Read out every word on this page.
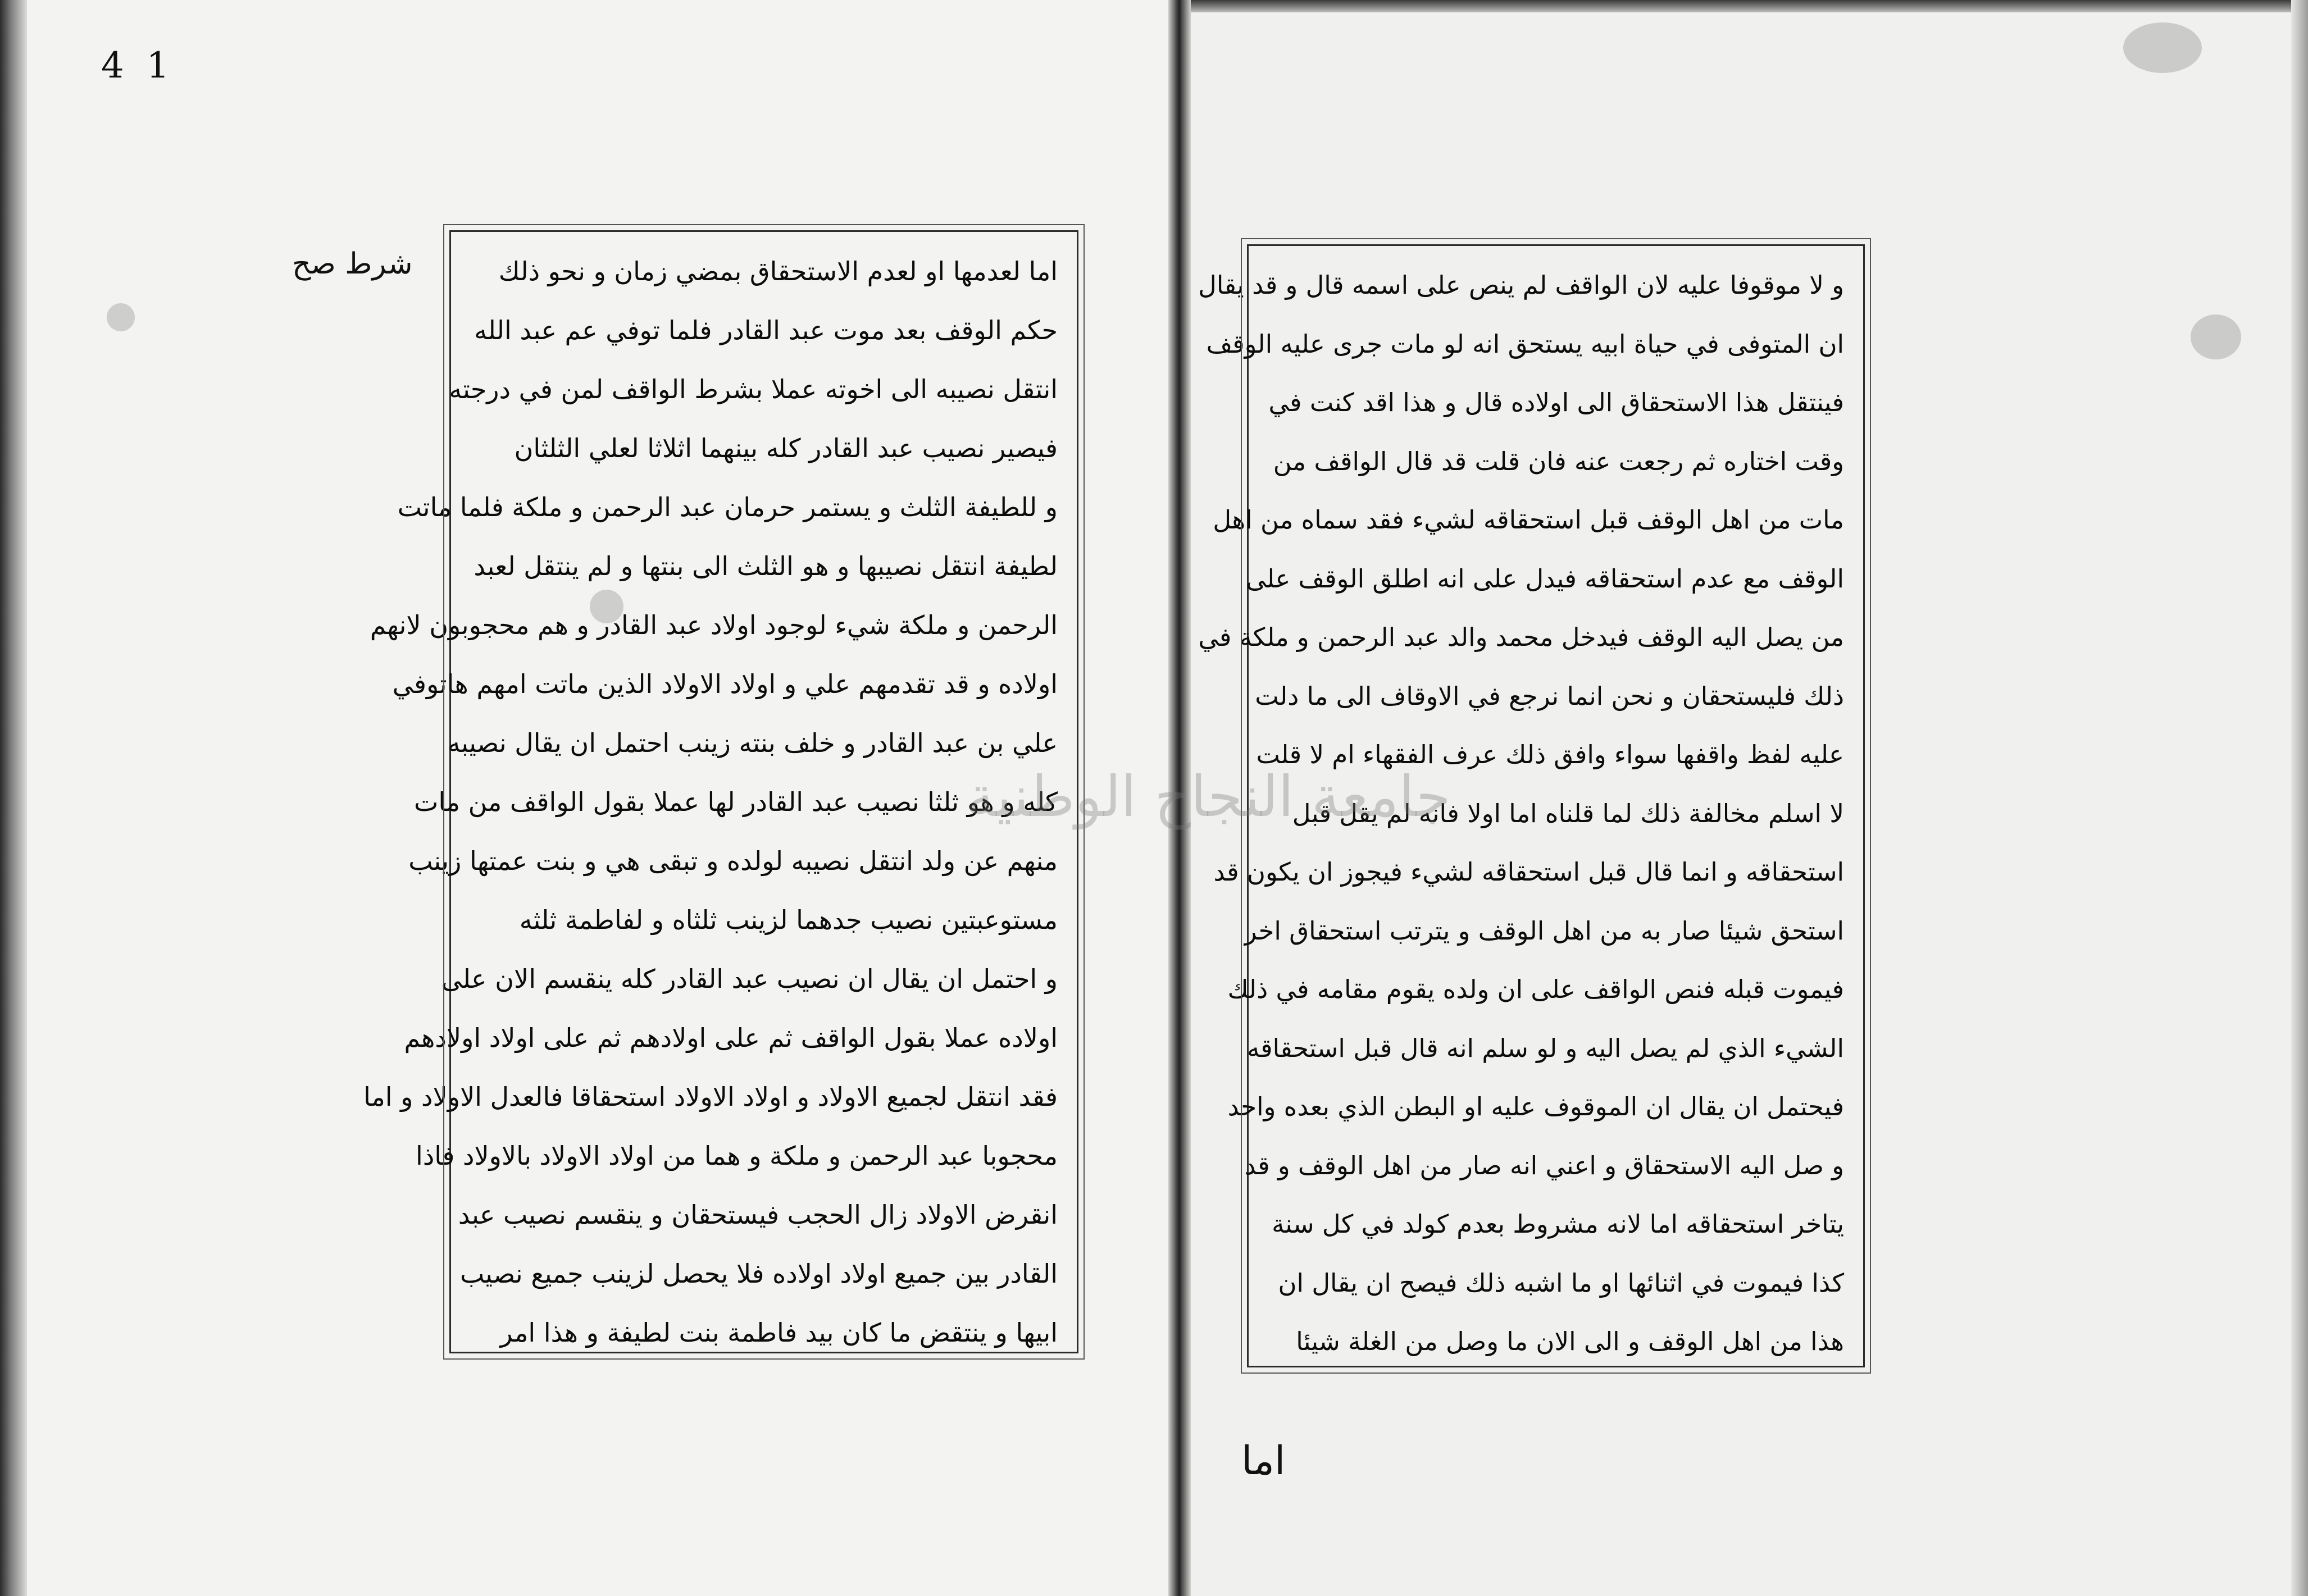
41
شرط صح	اما لعدمها او لعدم الاستحقاق بمضي زمان و نحو ذلك
حكم الوقف بعد موت عبد القادر فلما توفي عم عبد الله
انتقل نصيبه الى اخوته عملا بشرط الواقف لمن في درجته
فيصير نصيب عبد القادر كله بينهما اثلاثا لعلي الثلثان
و للطيفة الثلث و يستمر حرمان عبد الرحمن و ملكة فلما ماتت
لطيفة انتقل نصيبها و هو الثلث الى بنتها و لم ينتقل لعبد
الرحمن و ملكة شيء لوجود اولاد عبد القادر و هم محجوبون لانهم
اولاده و قد تقدمهم علي و اولاد الاولاد الذين ماتت امهم هاتوفي
علي بن عبد القادر و خلف بنته زينب احتمل ان يقال نصيبه
كله و هو ثلثا نصيب عبد القادر لها عملا بقول الواقف من مات
منهم عن ولد انتقل نصيبه لولده و تبقى هي و بنت عمتها زينب
مستوعبتين نصيب جدهما لزينب ثلثاه و لفاطمة ثلثه
و احتمل ان يقال ان نصيب عبد القادر كله ينقسم الان على
اولاده عملا بقول الواقف ثم على اولادهم ثم على اولاد اولادهم
فقد انتقل لجميع الاولاد و اولاد الاولاد استحقاقا فالعدل الاولاد و اما
محجوبا عبد الرحمن و ملكة و هما من اولاد الاولاد بالاولاد فاذا
انقرض الاولاد زال الحجب فيستحقان و ينقسم نصيب عبد
القادر بين جميع اولاد اولاده فلا يحصل لزينب جميع نصيب
ابيها و ينتقض ما كان بيد فاطمة بنت لطيفة و هذا امر
و لا موقوفا عليه لان الواقف لم ينص على اسمه قال و قد يقال
ان المتوفى في حياة ابيه يستحق انه لو مات جرى عليه الوقف
فينتقل هذا الاستحقاق الى اولاده قال و هذا اقد كنت في
وقت اختاره ثم رجعت عنه فان قلت قد قال الواقف من
مات من اهل الوقف قبل استحقاقه لشيء فقد سماه من اهل
الوقف مع عدم استحقاقه فيدل على انه اطلق الوقف على
من يصل اليه الوقف فيدخل محمد والد عبد الرحمن و ملكة في
ذلك فليستحقان و نحن انما نرجع في الاوقاف الى ما دلت
عليه لفظ واقفها سواء وافق ذلك عرف الفقهاء ام لا قلت
لا اسلم مخالفة ذلك لما قلناه اما اولا فانه لم يقل قبل
استحقاقه و انما قال قبل استحقاقه لشيء فيجوز ان يكون قد
استحق شيئا صار به من اهل الوقف و يترتب استحقاق اخر
فيموت قبله فنص الواقف على ان ولده يقوم مقامه في ذلك
الشيء الذي لم يصل اليه و لو سلم انه قال قبل استحقاقه
فيحتمل ان يقال ان الموقوف عليه او البطن الذي بعده واحد
و صل اليه الاستحقاق و اعني انه صار من اهل الوقف و قد
يتاخر استحقاقه اما لانه مشروط بعدم كولد في كل سنة
كذا فيموت في اثنائها او ما اشبه ذلك فيصح ان يقال ان
هذا من اهل الوقف و الى الان ما وصل من الغلة شيئا
جامعة النجاح الوطنية
اما
